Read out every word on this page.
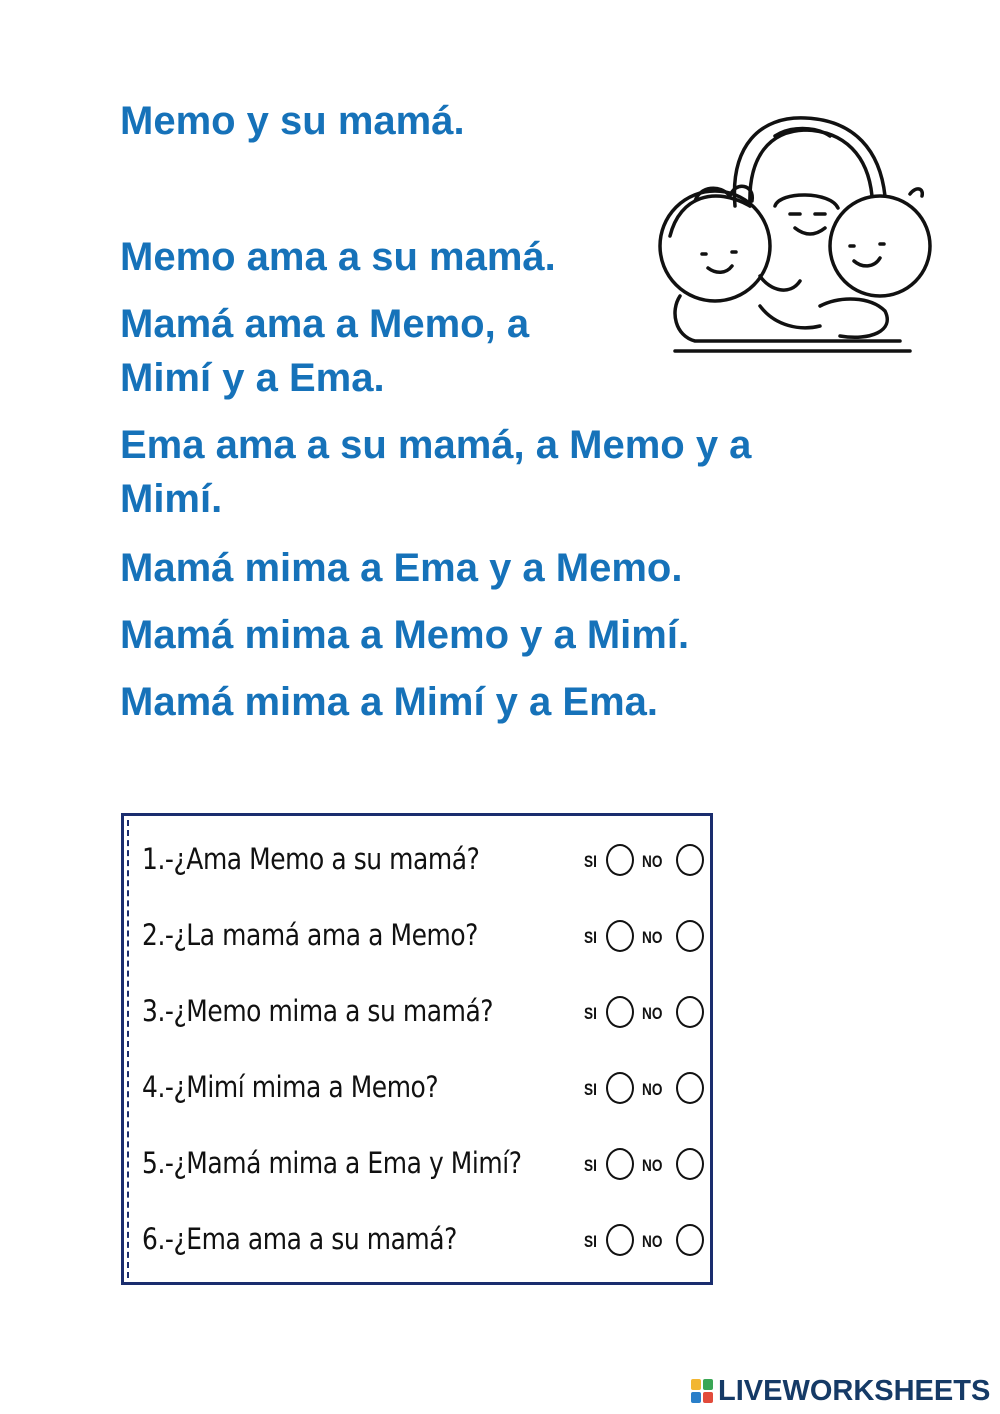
Memo y su mamá.

Memo ama a su mamá.

Mamá ama a Memo, a Mimí y a Ema.

Ema ama a su mamá, a Memo y a Mimí.

Mamá mima a Ema y a Memo.

Mamá mima a Memo y a Mimí.

Mamá mima a Mimí y a Ema.

1.-¿Ama Memo a su mamá?	SI	NO
2.-¿La mamá ama a Memo?	SI	NO
3.-¿Memo mima a su mamá?	SI	NO
4.-¿Mimí mima a Memo?	SI	NO
5.-¿Mamá mima a Ema y Mimí?	SI	NO
6.-¿Ema ama a su mamá?	SI	NO
LIVEWORKSHEETS
